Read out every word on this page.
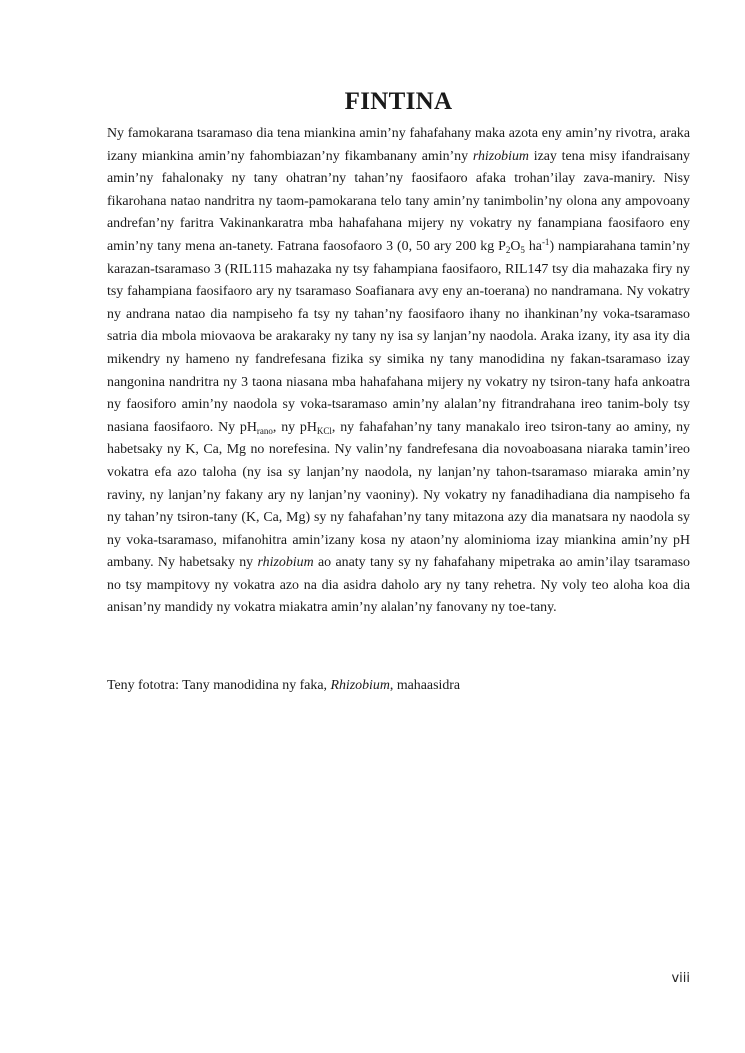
FINTINA

Ny famokarana tsaramaso dia tena miankina amin’ny fahafahany maka azota eny amin’ny rivotra, araka izany miankina amin’ny fahombiazan’ny fikambanany amin’ny rhizobium izay tena misy ifandraisany amin’ny fahalonaky ny tany ohatran’ny tahan’ny faosifaoro afaka trohan’ilay zava-maniry. Nisy fikarohana natao nandritra ny taom-pamokarana telo tany amin’ny tanimbolin’ny olona any ampovoany andrefan’ny faritra Vakinankaratra mba hahafahana mijery ny vokatry ny fanampiana faosifaoro eny amin’ny tany mena an-tanety. Fatrana faosofaoro 3 (0, 50 ary 200 kg $P_2O_5$ $ha^{-1}$) nampiarahana tamin’ny karazan-tsaramaso 3 (RIL115 mahazaka ny tsy fahampiana faosifaoro, RIL147 tsy dia mahazaka firy ny tsy fahampiana faosifaoro ary ny tsaramaso Soafianara avy eny an-toerana) no nandramana. Ny vokatry ny andrana natao dia nampiseho fa tsy ny tahan’ny faosifaoro ihany no ihankinan’ny voka-tsaramaso satria dia mbola miovaova be arakaraky ny tany ny isa sy lanjan’ny naodola. Araka izany, ity asa ity dia mikendry ny hameno ny fandrefesana fizika sy simika ny tany manodidina ny fakan-tsaramaso izay nangonina nandritra ny 3 taona niasana mba hahafahana mijery ny vokatry ny tsiron-tany hafa ankoatra ny faosiforo amin’ny naodola sy voka-tsaramaso amin’ny alalan’ny fitrandrahana ireo tanim-boly tsy nasiana faosifaoro. Ny $pH_{rano}$, ny $pH_{KCl}$, ny fahafahan’ny tany manakalo ireo tsiron-tany ao aminy, ny habetsaky ny K, Ca, Mg no norefesina. Ny valin’ny fandrefesana dia novoaboasana niaraka tamin’ireo vokatra efa azo taloha (ny isa sy lanjan’ny naodola, ny lanjan’ny tahon-tsaramaso miaraka amin’ny raviny, ny lanjan’ny fakany ary ny lanjan’ny vaoniny). Ny vokatry ny fanadihadiana dia nampiseho fa ny tahan’ny tsiron-tany (K, Ca, Mg) sy ny fahafahan’ny tany mitazona azy dia manatsara ny naodola sy ny voka-tsaramaso, mifanohitra amin’izany kosa ny ataon’ny alominioma izay miankina amin’ny pH ambany. Ny habetsaky ny rhizobium ao anaty tany sy ny fahafahany mipetraka ao amin’ilay tsaramaso no tsy mampitovy ny vokatra azo na dia asidra daholo ary ny tany rehetra. Ny voly teo aloha koa dia anisan’ny mandidy ny vokatra miakatra amin’ny alalan’ny fanovany ny toe-tany.

Teny fototra: Tany manodidina ny faka, Rhizobium, mahaasidra

viii
